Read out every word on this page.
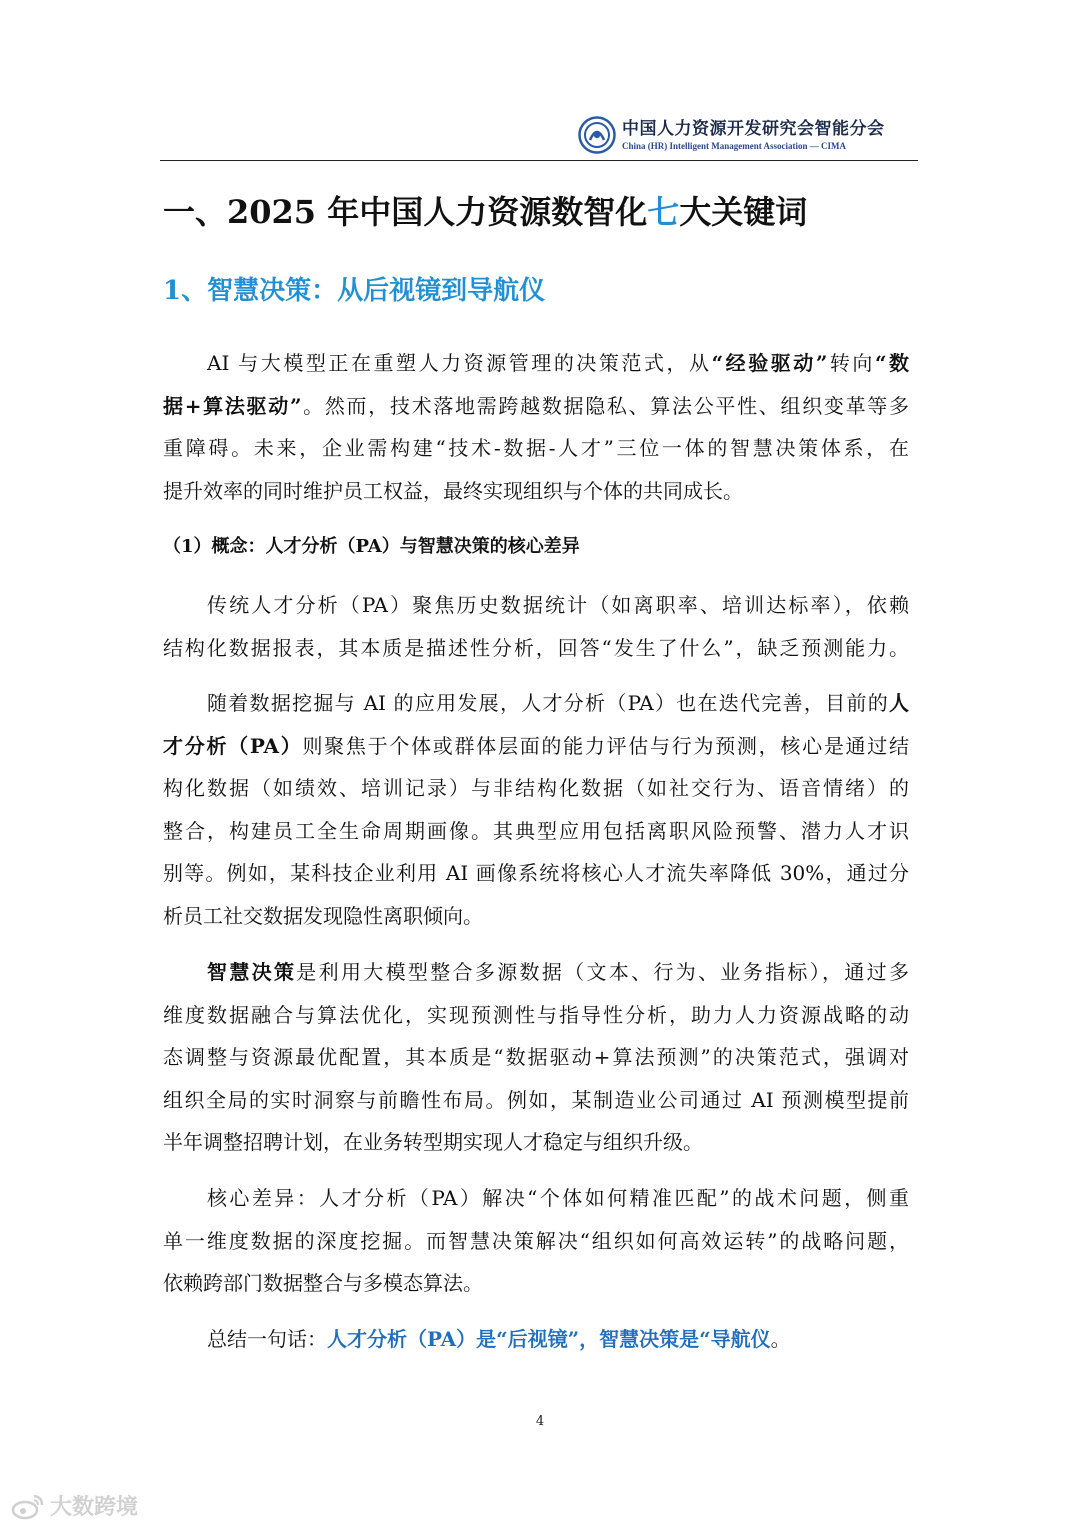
中国人力资源开发研究会智能分会
China (HR) Intelligent Management Association — CIMA
一、2025 年中国人力资源数智化七大关键词
1、智慧决策：从后视镜到导航仪
AI 与大模型正在重塑人力资源管理的决策范式，从“经验驱动”转向“数
据+算法驱动”。然而，技术落地需跨越数据隐私、算法公平性、组织变革等多
重障碍。未来，企业需构建“技术-数据-人才”三位一体的智慧决策体系，在
提升效率的同时维护员工权益，最终实现组织与个体的共同成长。
（1）概念：人才分析（PA）与智慧决策的核心差异
传统人才分析（PA）聚焦历史数据统计（如离职率、培训达标率），依赖
结构化数据报表，其本质是描述性分析，回答“发生了什么”，缺乏预测能力。
随着数据挖掘与 AI 的应用发展，人才分析（PA）也在迭代完善，目前的人
才分析（PA）则聚焦于个体或群体层面的能力评估与行为预测，核心是通过结
构化数据（如绩效、培训记录）与非结构化数据（如社交行为、语音情绪）的
整合，构建员工全生命周期画像。其典型应用包括离职风险预警、潜力人才识
别等。例如，某科技企业利用 AI 画像系统将核心人才流失率降低 30%，通过分
析员工社交数据发现隐性离职倾向。
智慧决策是利用大模型整合多源数据（文本、行为、业务指标），通过多
维度数据融合与算法优化，实现预测性与指导性分析，助力人力资源战略的动
态调整与资源最优配置，其本质是“数据驱动+算法预测”的决策范式，强调对
组织全局的实时洞察与前瞻性布局。例如，某制造业公司通过 AI 预测模型提前
半年调整招聘计划，在业务转型期实现人才稳定与组织升级。
核心差异：人才分析（PA）解决“个体如何精准匹配”的战术问题，侧重
单一维度数据的深度挖掘。而智慧决策解决“组织如何高效运转”的战略问题，
依赖跨部门数据整合与多模态算法。
总结一句话：人才分析（PA）是“后视镜”，智慧决策是“导航仪。
4
大数跨境
